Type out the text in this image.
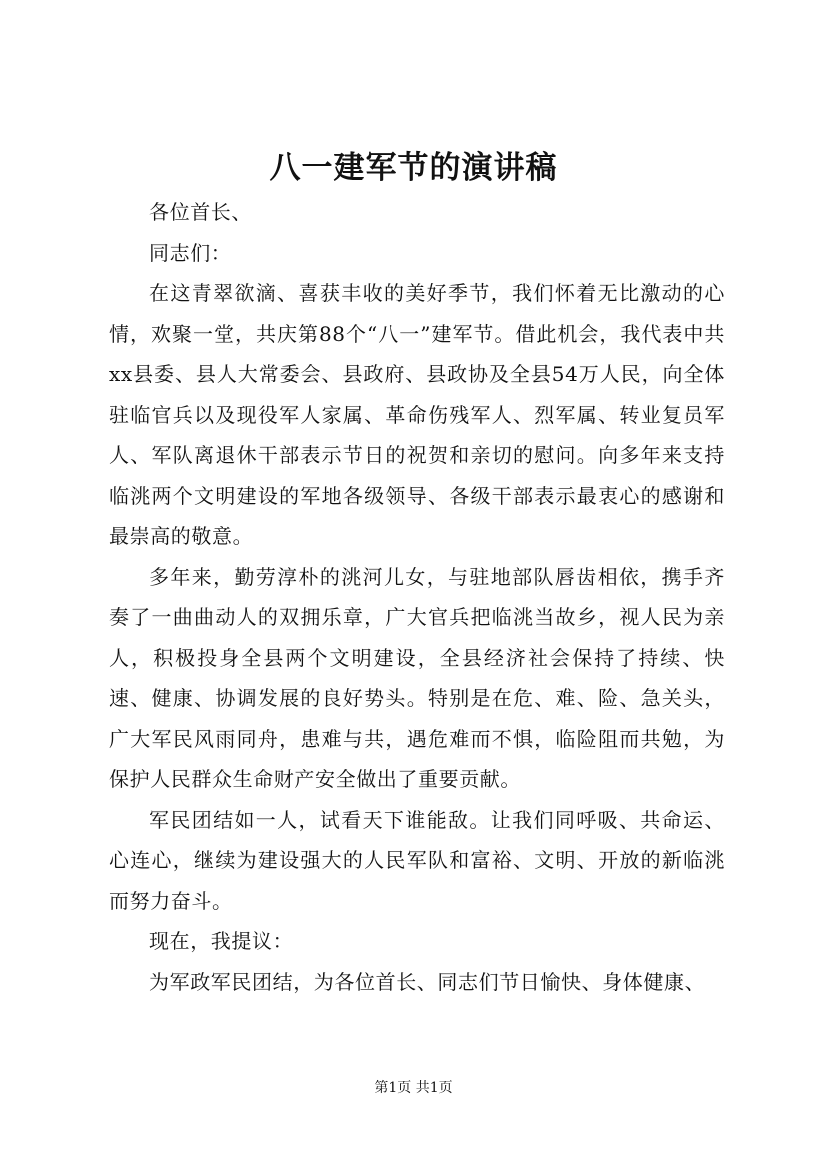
八一建军节的演讲稿

各位首长、

同志们：

在这青翠欲滴、喜获丰收的美好季节，我们怀着无比激动的心情，欢聚一堂，共庆第88个“八一”建军节。借此机会，我代表中共xx县委、县人大常委会、县政府、县政协及全县54万人民，向全体驻临官兵以及现役军人家属、革命伤残军人、烈军属、转业复员军人、军队离退休干部表示节日的祝贺和亲切的慰问。向多年来支持临洮两个文明建设的军地各级领导、各级干部表示最衷心的感谢和最崇高的敬意。

多年来，勤劳淳朴的洮河儿女，与驻地部队唇齿相依，携手齐奏了一曲曲动人的双拥乐章，广大官兵把临洮当故乡，视人民为亲人，积极投身全县两个文明建设，全县经济社会保持了持续、快速、健康、协调发展的良好势头。特别是在危、难、险、急关头，广大军民风雨同舟，患难与共，遇危难而不惧，临险阻而共勉，为保护人民群众生命财产安全做出了重要贡献。

军民团结如一人，试看天下谁能敌。让我们同呼吸、共命运、心连心，继续为建设强大的人民军队和富裕、文明、开放的新临洮而努力奋斗。

现在，我提议：

为军政军民团结，为各位首长、同志们节日愉快、身体健康、

第1页 共1页
